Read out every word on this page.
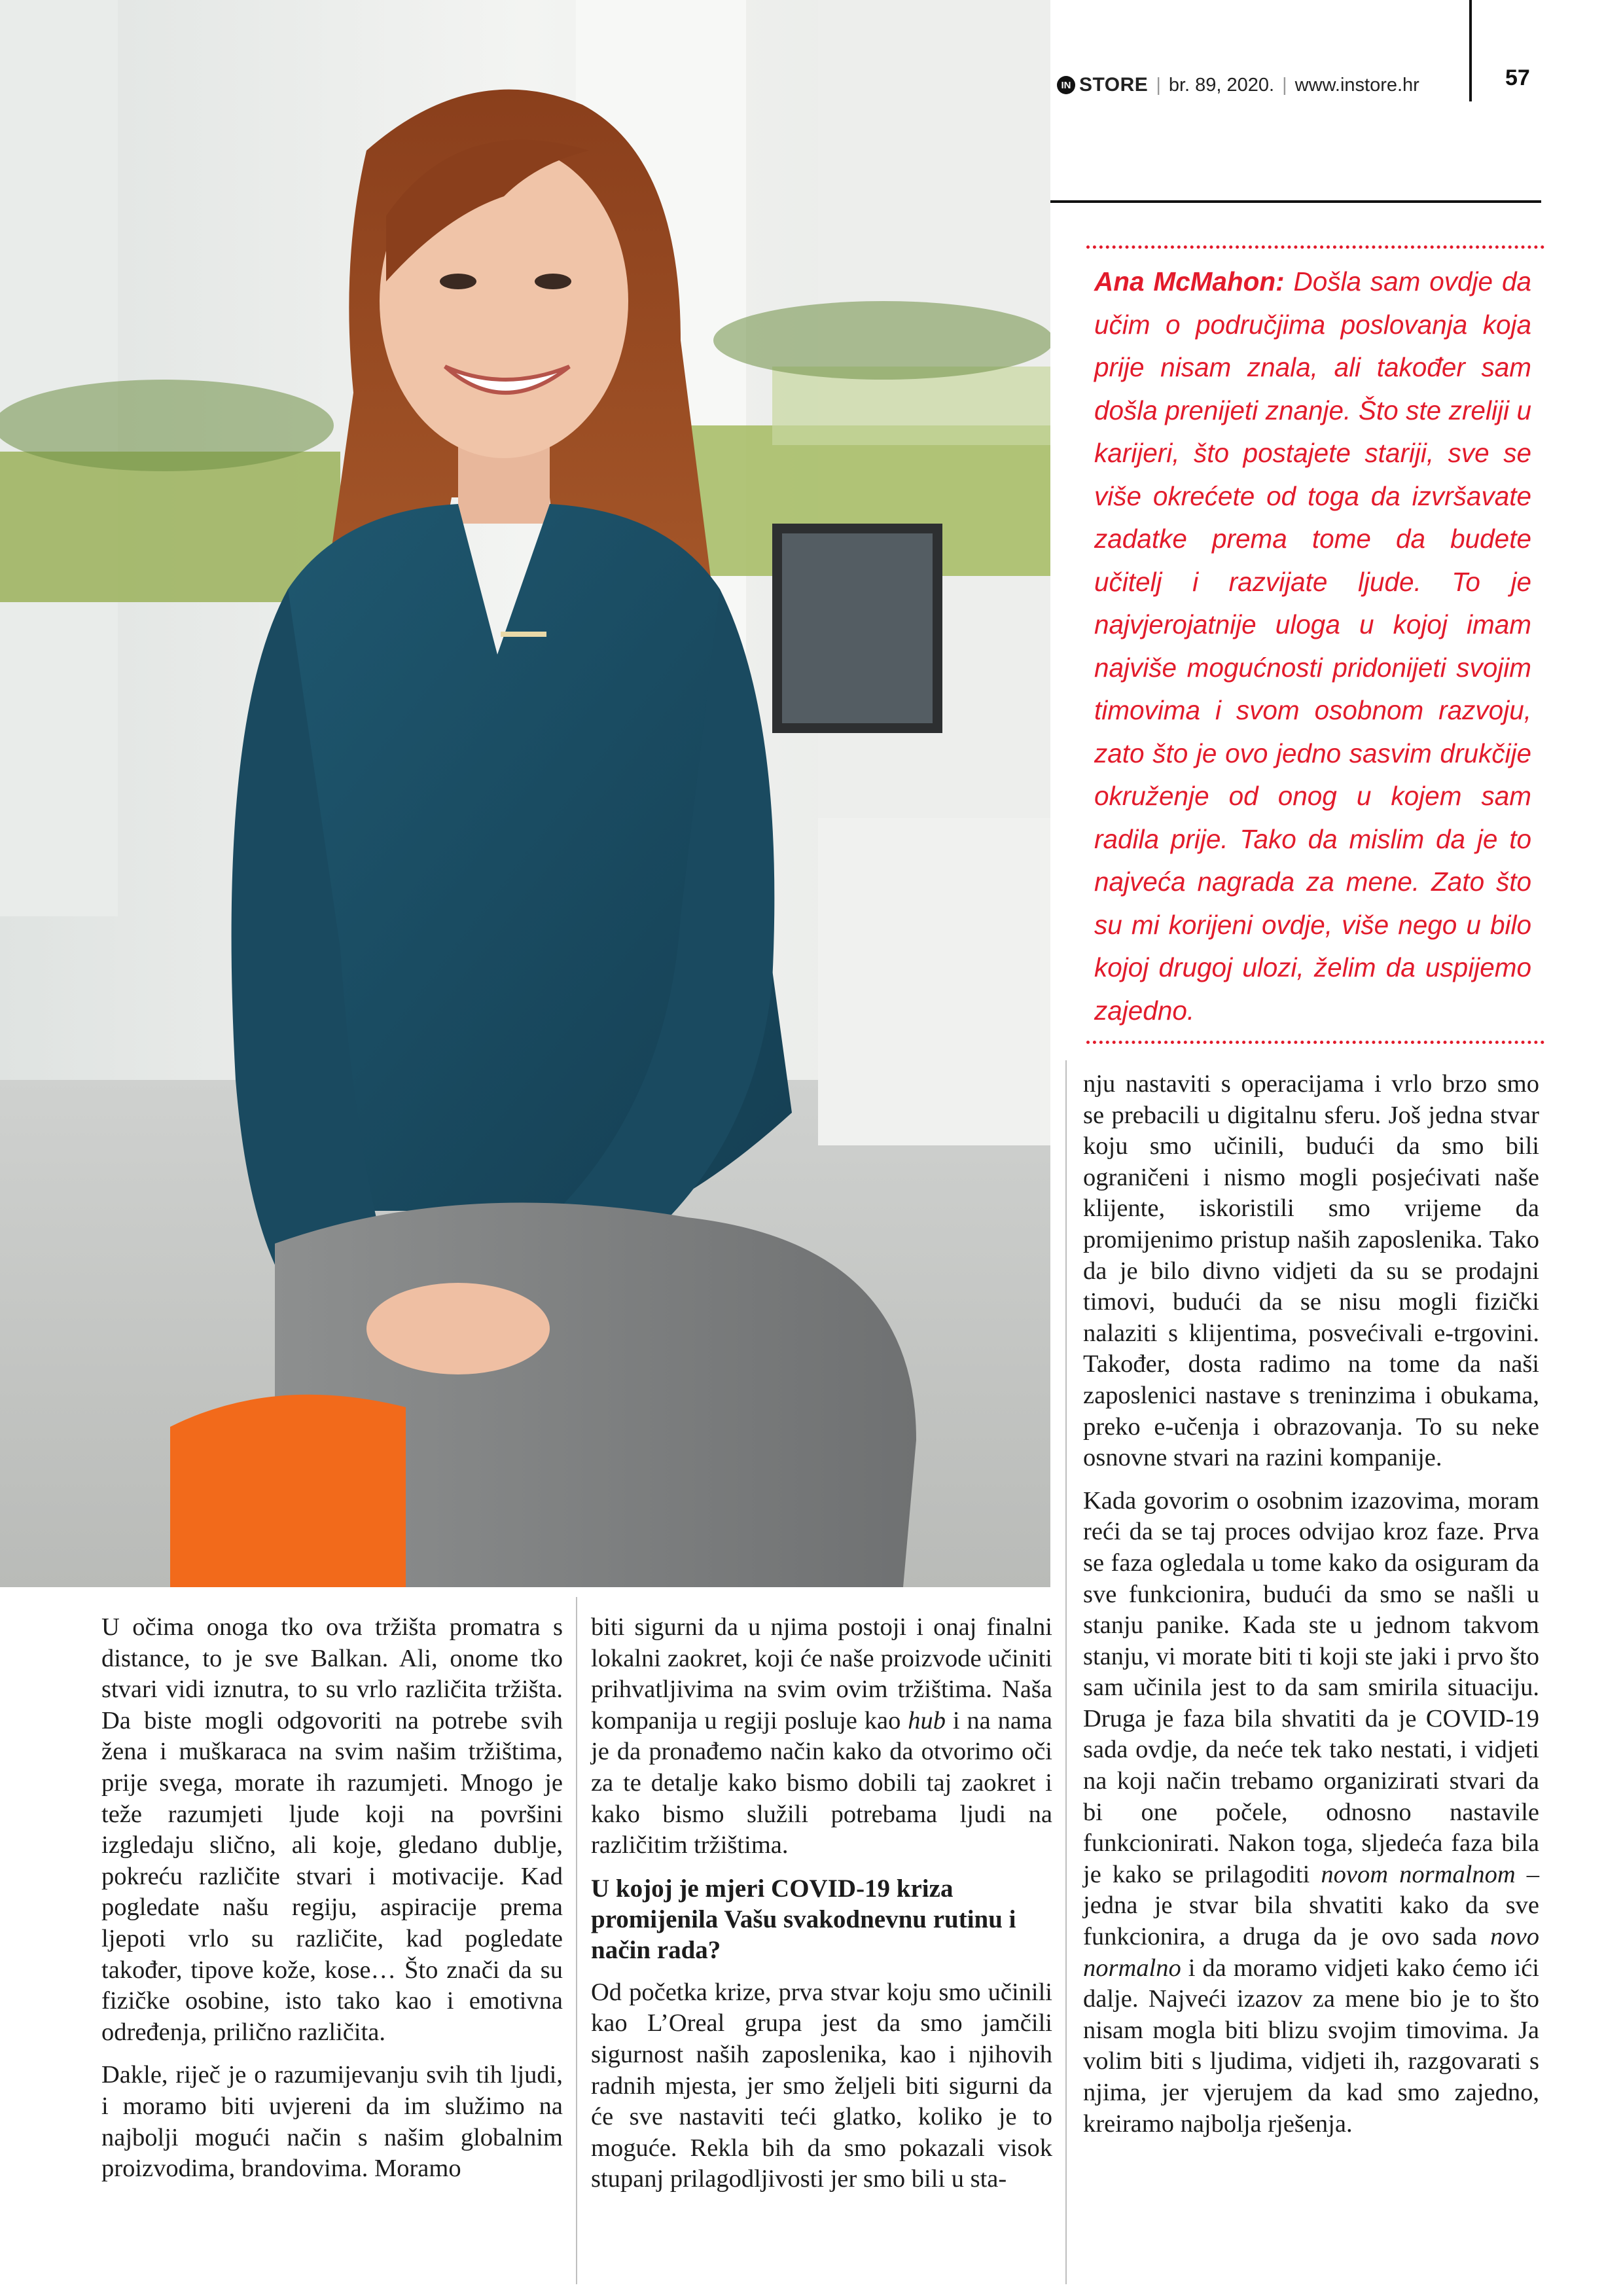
IN STORE | br. 89, 2020. | www.instore.hr	57
Ana McMahon: Došla sam ovdje da učim o područjima poslovanja koja prije nisam znala, ali također sam došla prenijeti znanje. Što ste zreliji u karijeri, što postajete stariji, sve se više okrećete od toga da izvršavate zadatke prema tome da budete učitelj i razvijate ljude. To je najvjerojatnije uloga u kojoj imam najviše mogućnosti pridonijeti svojim timovima i svom osobnom razvoju, zato što je ovo jedno sasvim drukčije okruženje od onog u kojem sam radila prije. Tako da mislim da je to najveća nagrada za mene. Zato što su mi korijeni ovdje, više nego u bilo kojoj drugoj ulozi, želim da uspijemo zajedno.

U očima onoga tko ova tržišta promatra s distance, to je sve Balkan. Ali, onome tko stvari vidi iznutra, to su vrlo različita tržišta. Da biste mogli odgovoriti na potrebe svih žena i muškaraca na svim našim tržištima, prije svega, morate ih razumjeti. Mnogo je teže razumjeti ljude koji na površini izgledaju slično, ali koje, gledano dublje, pokreću različite stvari i motivacije. Kad pogledate našu regiju, aspiracije prema ljepoti vrlo su različite, kad pogledate također, tipove kože, kose… Što znači da su fizičke osobine, isto tako kao i emotivna određenja, prilično različita.

Dakle, riječ je o razumijevanju svih tih ljudi, i moramo biti uvjereni da im služimo na najbolji mogući način s našim globalnim proizvodima, brandovima. Moramo

biti sigurni da u njima postoji i onaj finalni lokalni zaokret, koji će naše proizvode učiniti prihvatljivima na svim ovim tržištima. Naša kompanija u regiji posluje kao hub i na nama je da pronađemo način kako da otvorimo oči za te detalje kako bismo dobili taj zaokret i kako bismo služili potrebama ljudi na različitim tržištima.

U kojoj je mjeri COVID-19 kriza promijenila Vašu svakodnevnu rutinu i način rada?

Od početka krize, prva stvar koju smo učinili kao L’Oreal grupa jest da smo jamčili sigurnost naših zaposlenika, kao i njihovih radnih mjesta, jer smo željeli biti sigurni da će sve nastaviti teći glatko, koliko je to moguće. Rekla bih da smo pokazali visok stupanj prilagodljivosti jer smo bili u sta-

nju nastaviti s operacijama i vrlo brzo smo se prebacili u digitalnu sferu. Još jedna stvar koju smo učinili, budući da smo bili ograničeni i nismo mogli posjećivati naše klijente, iskoristili smo vrijeme da promijenimo pristup naših zaposlenika. Tako da je bilo divno vidjeti da su se prodajni timovi, budući da se nisu mogli fizički nalaziti s klijentima, posvećivali e-trgovini. Također, dosta radimo na tome da naši zaposlenici nastave s treninzima i obukama, preko e-učenja i obrazovanja. To su neke osnovne stvari na razini kompanije.

Kada govorim o osobnim izazovima, moram reći da se taj proces odvijao kroz faze. Prva se faza ogledala u tome kako da osiguram da sve funkcionira, budući da smo se našli u stanju panike. Kada ste u jednom takvom stanju, vi morate biti ti koji ste jaki i prvo što sam učinila jest to da sam smirila situaciju. Druga je faza bila shvatiti da je COVID-19 sada ovdje, da neće tek tako nestati, i vidjeti na koji način trebamo organizirati stvari da bi one počele, odnosno nastavile funkcionirati. Nakon toga, sljedeća faza bila je kako se prilagoditi novom normalnom – jedna je stvar bila shvatiti kako da sve funkcionira, a druga da je ovo sada novo normalno i da moramo vidjeti kako ćemo ići dalje. Najveći izazov za mene bio je to što nisam mogla biti blizu svojim timovima. Ja volim biti s ljudima, vidjeti ih, razgovarati s njima, jer vjerujem da kad smo zajedno, kreiramo najbolja rješenja.
